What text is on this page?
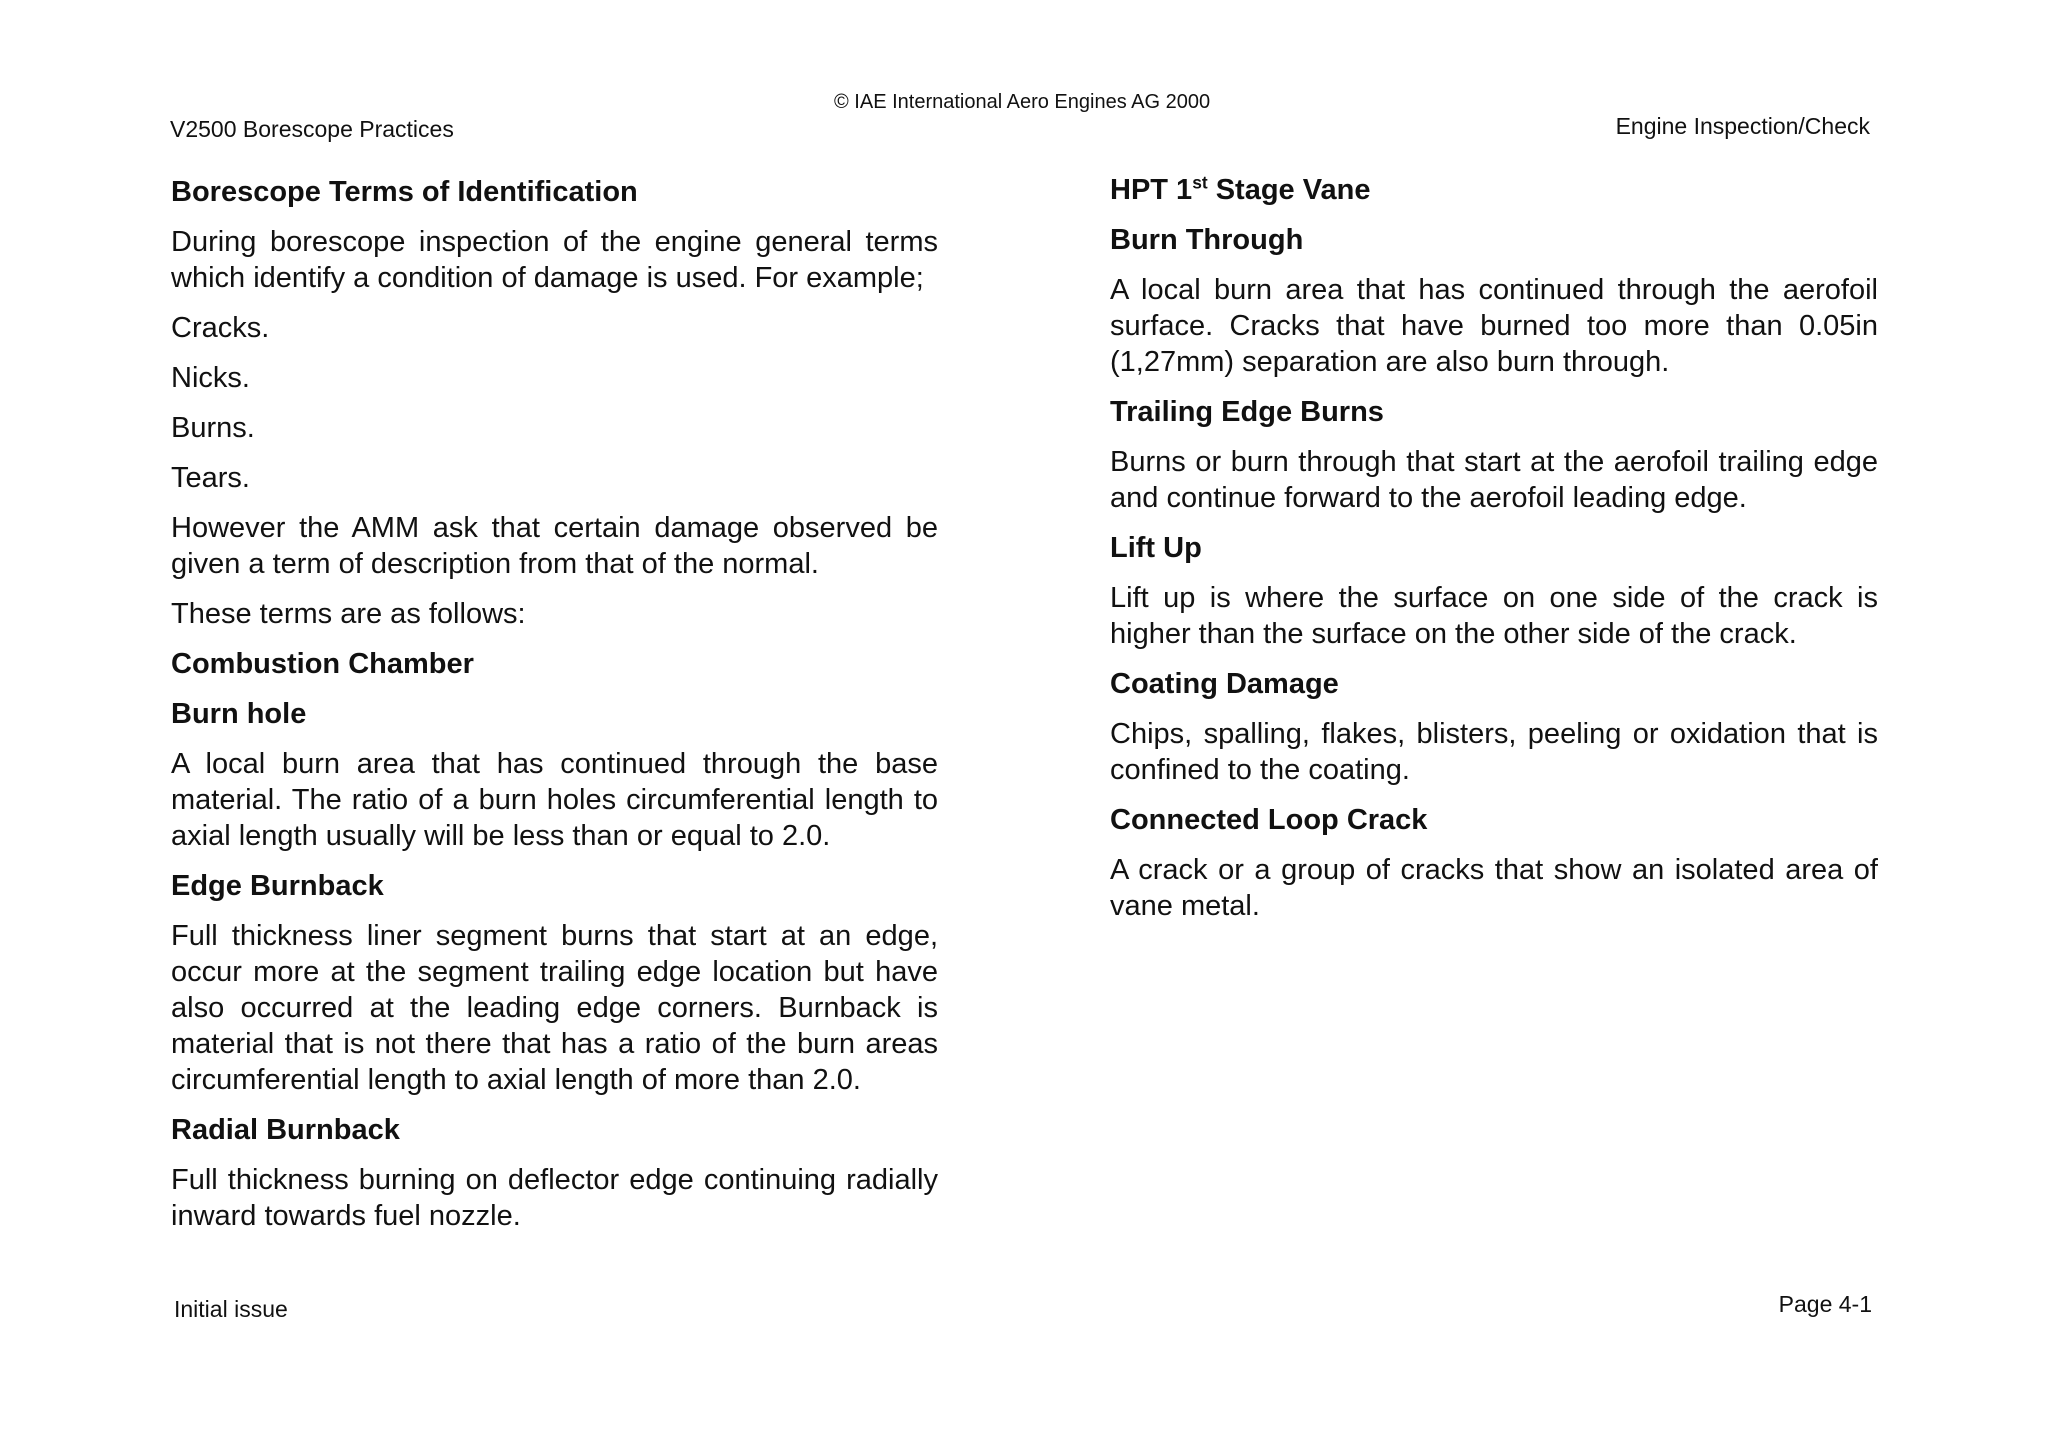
V2500 Borescope Practices
© IAE International Aero Engines AG 2000
Engine Inspection/Check
Borescope Terms of Identification
During borescope inspection of the engine general terms which identify a condition of damage is used. For example;
Cracks.
Nicks.
Burns.
Tears.
However the AMM ask that certain damage observed be given a term of description from that of the normal.
These terms are as follows:
Combustion Chamber
Burn hole
A local burn area that has continued through the base material. The ratio of a burn holes circumferential length to axial length usually will be less than or equal to 2.0.
Edge Burnback
Full thickness liner segment burns that start at an edge, occur more at the segment trailing edge location but have also occurred at the leading edge corners. Burnback is material that is not there that has a ratio of the burn areas circumferential length to axial length of more than 2.0.
Radial Burnback
Full thickness burning on deflector edge continuing radially inward towards fuel nozzle.
HPT 1st Stage Vane
Burn Through
A local burn area that has continued through the aerofoil surface. Cracks that have burned too more than 0.05in (1,27mm) separation are also burn through.
Trailing Edge Burns
Burns or burn through that start at the aerofoil trailing edge and continue forward to the aerofoil leading edge.
Lift Up
Lift up is where the surface on one side of the crack is higher than the surface on the other side of the crack.
Coating Damage
Chips, spalling, flakes, blisters, peeling or oxidation that is confined to the coating.
Connected Loop Crack
A crack or a group of cracks that show an isolated area of vane metal.
Initial issue	Page 4-1
